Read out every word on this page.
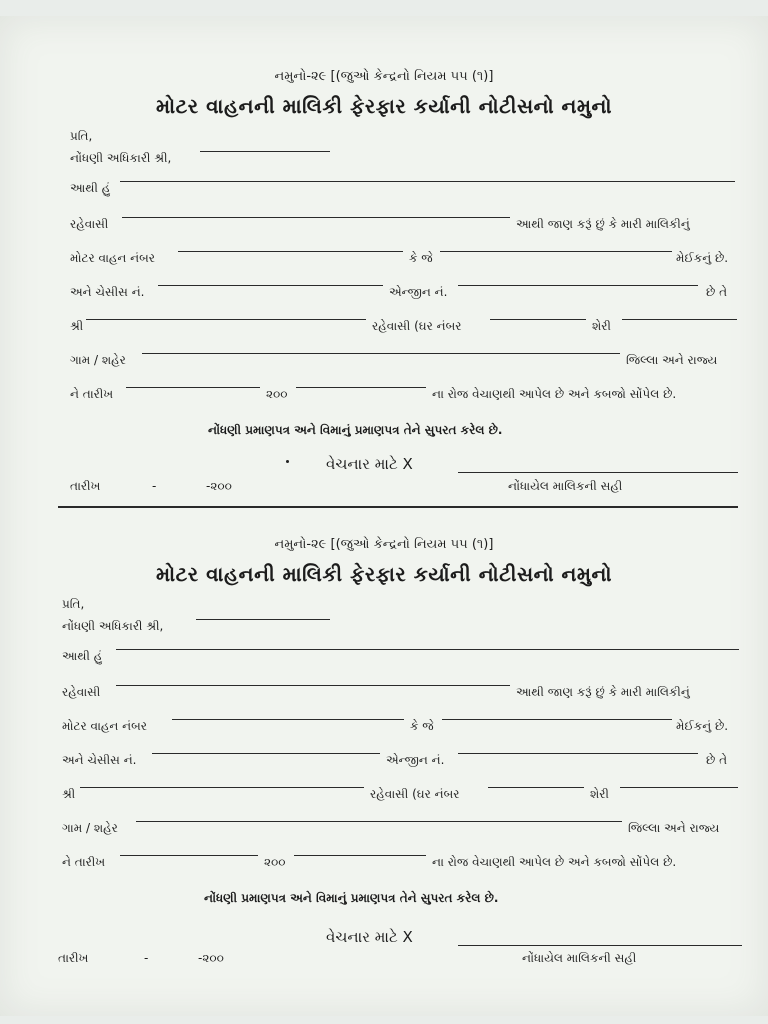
નમુનો-૨૯ [(જુઓ કેન્દ્રનો નિયમ ૫૫ (૧)]
મોટર વાહનની માલિકી ફેરફાર કર્યાની નોટીસનો નમુનો
પ્રતિ,
નોંધણી અધિકારી શ્રી,
આથી હું
રહેવાસી	આથી જાણ કરૂં છું કે મારી માલિકીનું
મોટર વાહન નંબર	કે જે	મેઈકનું છે.
અને ચેસીસ નં.	એન્જીન નં.	છે તે
શ્રી	રહેવાસી (ઘર નંબર	શેરી
ગામ / શહેર	જિલ્લા અને રાજ્ય
ને તારીખ	૨૦૦	ના રોજ વેચાણથી આપેલ છે અને કબજો સોંપેલ છે.
નોંધણી પ્રમાણપત્ર અને વિમાનું પ્રમાણપત્ર તેને સુપરત કરેલ છે.
વેચનાર માટે X
તારીખ	-	-૨૦૦	નોંધાયેલ માલિકની સહી
નમુનો-૨૯ [(જુઓ કેન્દ્રનો નિયમ ૫૫ (૧)]
મોટર વાહનની માલિકી ફેરફાર કર્યાની નોટીસનો નમુનો
પ્રતિ,
નોંધણી અધિકારી શ્રી,
આથી હું
રહેવાસી	આથી જાણ કરૂં છું કે મારી માલિકીનું
મોટર વાહન નંબર	કે જે	મેઈકનું છે.
અને ચેસીસ નં.	એન્જીન નં.	છે તે
શ્રી	રહેવાસી (ઘર નંબર	શેરી
ગામ / શહેર	જિલ્લા અને રાજ્ય
ને તારીખ	૨૦૦	ના રોજ વેચાણથી આપેલ છે અને કબજો સોંપેલ છે.
નોંધણી પ્રમાણપત્ર અને વિમાનું પ્રમાણપત્ર તેને સુપરત કરેલ છે.
વેચનાર માટે X
તારીખ	-	-૨૦૦	નોંધાયેલ માલિકની સહી
